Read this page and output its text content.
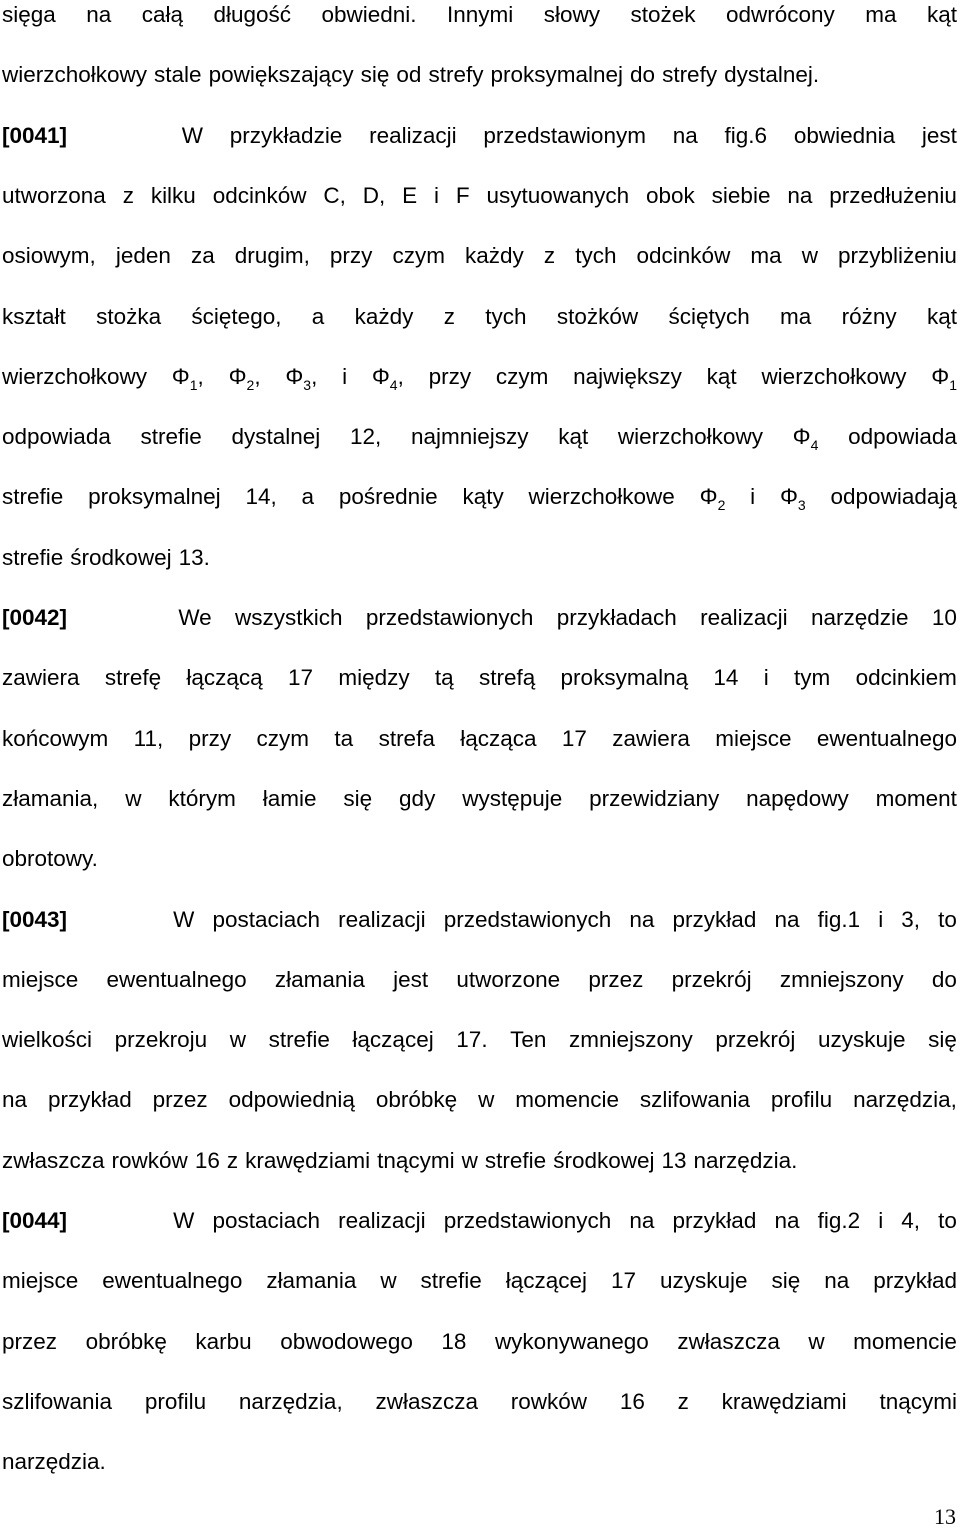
sięga na całą długość obwiedni. Innymi słowy stożek odwrócony ma kąt
wierzchołkowy stale powiększający się od strefy proksymalnej do strefy dystalnej.
[0041]	W przykładzie realizacji przedstawionym na fig.6 obwiednia jest
utworzona z kilku odcinków C, D, E i F usytuowanych obok siebie na przedłużeniu
osiowym, jeden za drugim, przy czym każdy z tych odcinków ma w przybliżeniu
kształt stożka ściętego, a każdy z tych stożków ściętych ma różny kąt
wierzchołkowy $\Phi_1$, $\Phi_2$, $\Phi_3$, i $\Phi_4$, przy czym największy kąt wierzchołkowy $\Phi_1$
odpowiada strefie dystalnej 12, najmniejszy kąt wierzchołkowy $\Phi_4$ odpowiada
strefie proksymalnej 14, a pośrednie kąty wierzchołkowe $\Phi_2$ i $\Phi_3$ odpowiadają
strefie środkowej 13.
[0042]	We wszystkich przedstawionych przykładach realizacji narzędzie 10
zawiera strefę łączącą 17 między tą strefą proksymalną 14 i tym odcinkiem
końcowym 11, przy czym ta strefa łącząca 17 zawiera miejsce ewentualnego
złamania, w którym łamie się gdy występuje przewidziany napędowy moment
obrotowy.
[0043]	W postaciach realizacji przedstawionych na przykład na fig.1 i 3, to
miejsce ewentualnego złamania jest utworzone przez przekrój zmniejszony do
wielkości przekroju w strefie łączącej 17. Ten zmniejszony przekrój uzyskuje się
na przykład przez odpowiednią obróbkę w momencie szlifowania profilu narzędzia,
zwłaszcza rowków 16 z krawędziami tnącymi w strefie środkowej 13 narzędzia.
[0044]	W postaciach realizacji przedstawionych na przykład na fig.2 i 4, to
miejsce ewentualnego złamania w strefie łączącej 17 uzyskuje się na przykład
przez obróbkę karbu obwodowego 18 wykonywanego zwłaszcza w momencie
szlifowania profilu narzędzia, zwłaszcza rowków 16 z krawędziami tnącymi
narzędzia.
13
